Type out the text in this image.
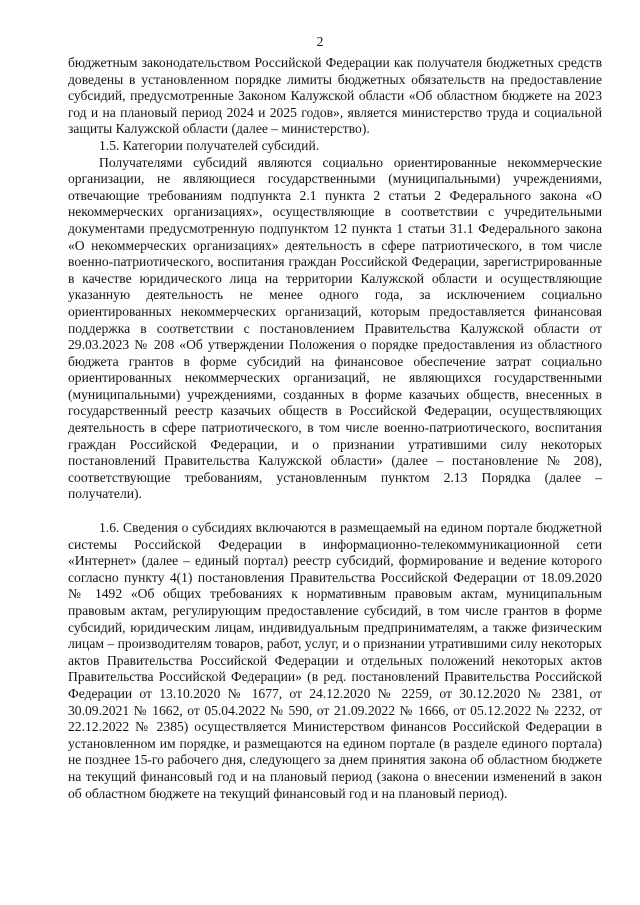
2

бюджетным законодательством Российской Федерации как получателя бюджетных средств доведены в установленном порядке лимиты бюджетных обязательств на предоставление субсидий, предусмотренные Законом Калужской области «Об областном бюджете на 2023 год и на плановый период 2024 и 2025 годов», является министерство труда и социальной защиты Калужской области (далее – министерство).

1.5. Категории получателей субсидий.

Получателями субсидий являются социально ориентированные некоммерческие организации, не являющиеся государственными (муниципальными) учреждениями, отвечающие требованиям подпункта 2.1 пункта 2 статьи 2 Федерального закона «О некоммерческих организациях», осуществляющие в соответствии с учредительными документами предусмотренную подпунктом 12 пункта 1 статьи 31.1 Федерального закона «О некоммерческих организациях» деятельность в сфере патриотического, в том числе военно-патриотического, воспитания граждан Российской Федерации, зарегистрированные в качестве юридического лица на территории Калужской области и осуществляющие указанную деятельность не менее одного года, за исключением социально ориентированных некоммерческих организаций, которым предоставляется финансовая поддержка в соответствии с постановлением Правительства Калужской области от 29.03.2023 № 208 «Об утверждении Положения о порядке предоставления из областного бюджета грантов в форме субсидий на финансовое обеспечение затрат социально ориентированных некоммерческих организаций, не являющихся государственными (муниципальными) учреждениями, созданных в форме казачьих обществ, внесенных в государственный реестр казачьих обществ в Российской Федерации, осуществляющих деятельность в сфере патриотического, в том числе военно-патриотического, воспитания граждан Российской Федерации, и о признании утратившими силу некоторых постановлений Правительства Калужской области» (далее – постановление № 208), соответствующие требованиям, установленным пунктом 2.13 Порядка (далее – получатели).

1.6. Сведения о субсидиях включаются в размещаемый на едином портале бюджетной системы Российской Федерации в информационно-телекоммуникационной сети «Интернет» (далее – единый портал) реестр субсидий, формирование и ведение которого согласно пункту 4(1) постановления Правительства Российской Федерации от 18.09.2020 № 1492 «Об общих требованиях к нормативным правовым актам, муниципальным правовым актам, регулирующим предоставление субсидий, в том числе грантов в форме субсидий, юридическим лицам, индивидуальным предпринимателям, а также физическим лицам – производителям товаров, работ, услуг, и о признании утратившими силу некоторых актов Правительства Российской Федерации и отдельных положений некоторых актов Правительства Российской Федерации» (в ред. постановлений Правительства Российской Федерации от 13.10.2020 № 1677, от 24.12.2020 № 2259, от 30.12.2020 № 2381, от 30.09.2021 № 1662, от 05.04.2022 № 590, от 21.09.2022 № 1666, от 05.12.2022 № 2232, от 22.12.2022 № 2385) осуществляется Министерством финансов Российской Федерации в установленном им порядке, и размещаются на едином портале (в разделе единого портала) не позднее 15-го рабочего дня, следующего за днем принятия закона об областном бюджете на текущий финансовый год и на плановый период (закона о внесении изменений в закон об областном бюджете на текущий финансовый год и на плановый период).
